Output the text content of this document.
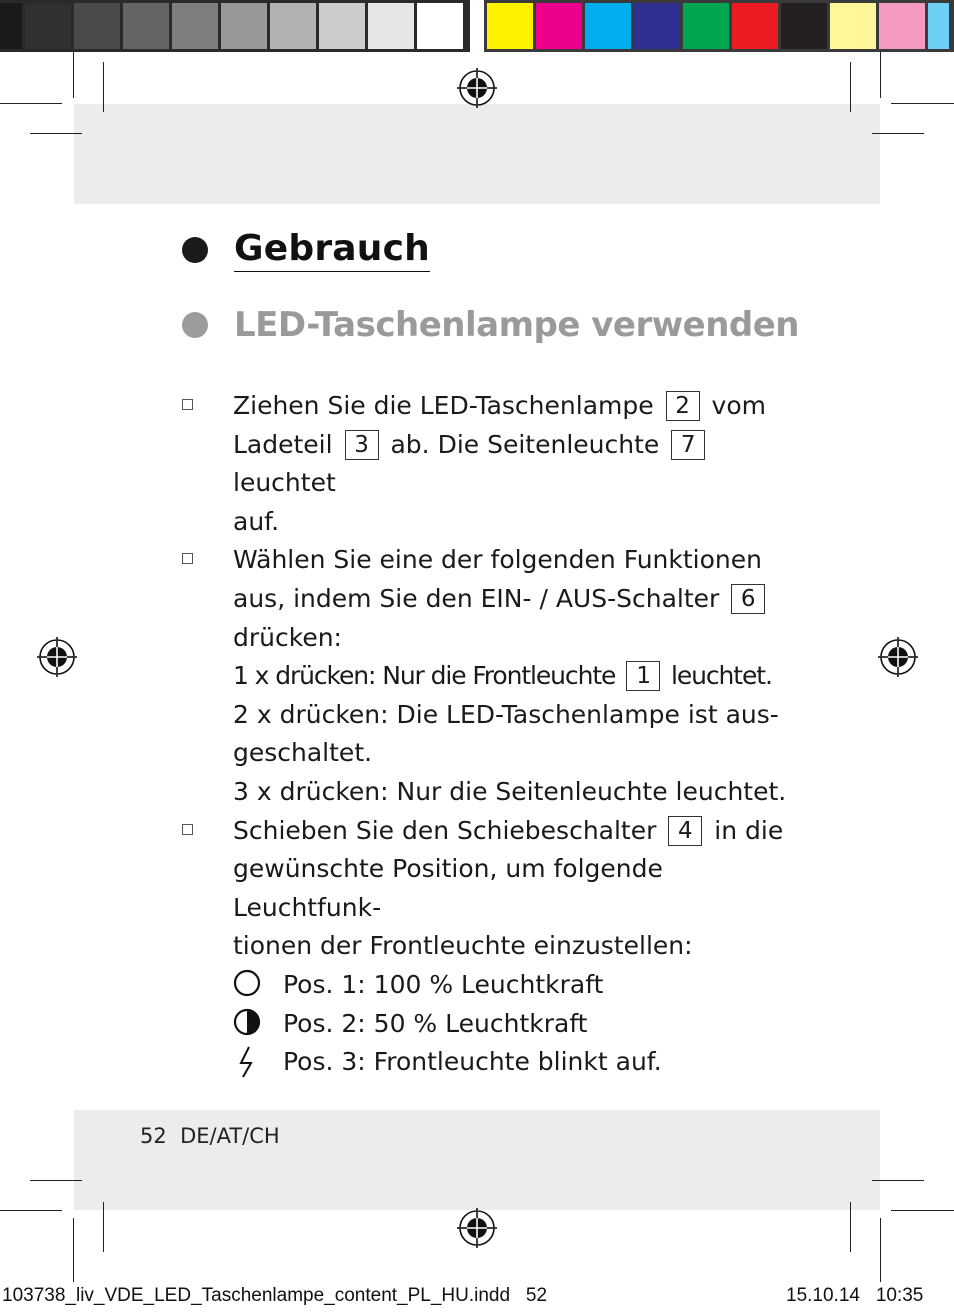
Gebrauch
LED-Taschenlampe verwenden
Ziehen Sie die LED-Taschenlampe 2 vom
Ladeteil 3 ab. Die Seitenleuchte 7 leuchtet
auf.
Wählen Sie eine der folgenden Funktionen
aus, indem Sie den EIN- / AUS-Schalter 6
drücken:
1 x drücken: Nur die Frontleuchte 1 leuchtet.
2 x drücken: Die LED-Taschenlampe ist aus-
geschaltet.
3 x drücken: Nur die Seitenleuchte leuchtet.
Schieben Sie den Schiebeschalter 4 in die
gewünschte Position, um folgende Leuchtfunk-
tionen der Frontleuchte einzustellen:
Pos. 1: 100 % Leuchtkraft
Pos. 2: 50 % Leuchtkraft
Pos. 3: Frontleuchte blinkt auf.
52 DE/AT/CH
103738_liv_VDE_LED_Taschenlampe_content_PL_HU.indd 52	15.10.14 10:35
